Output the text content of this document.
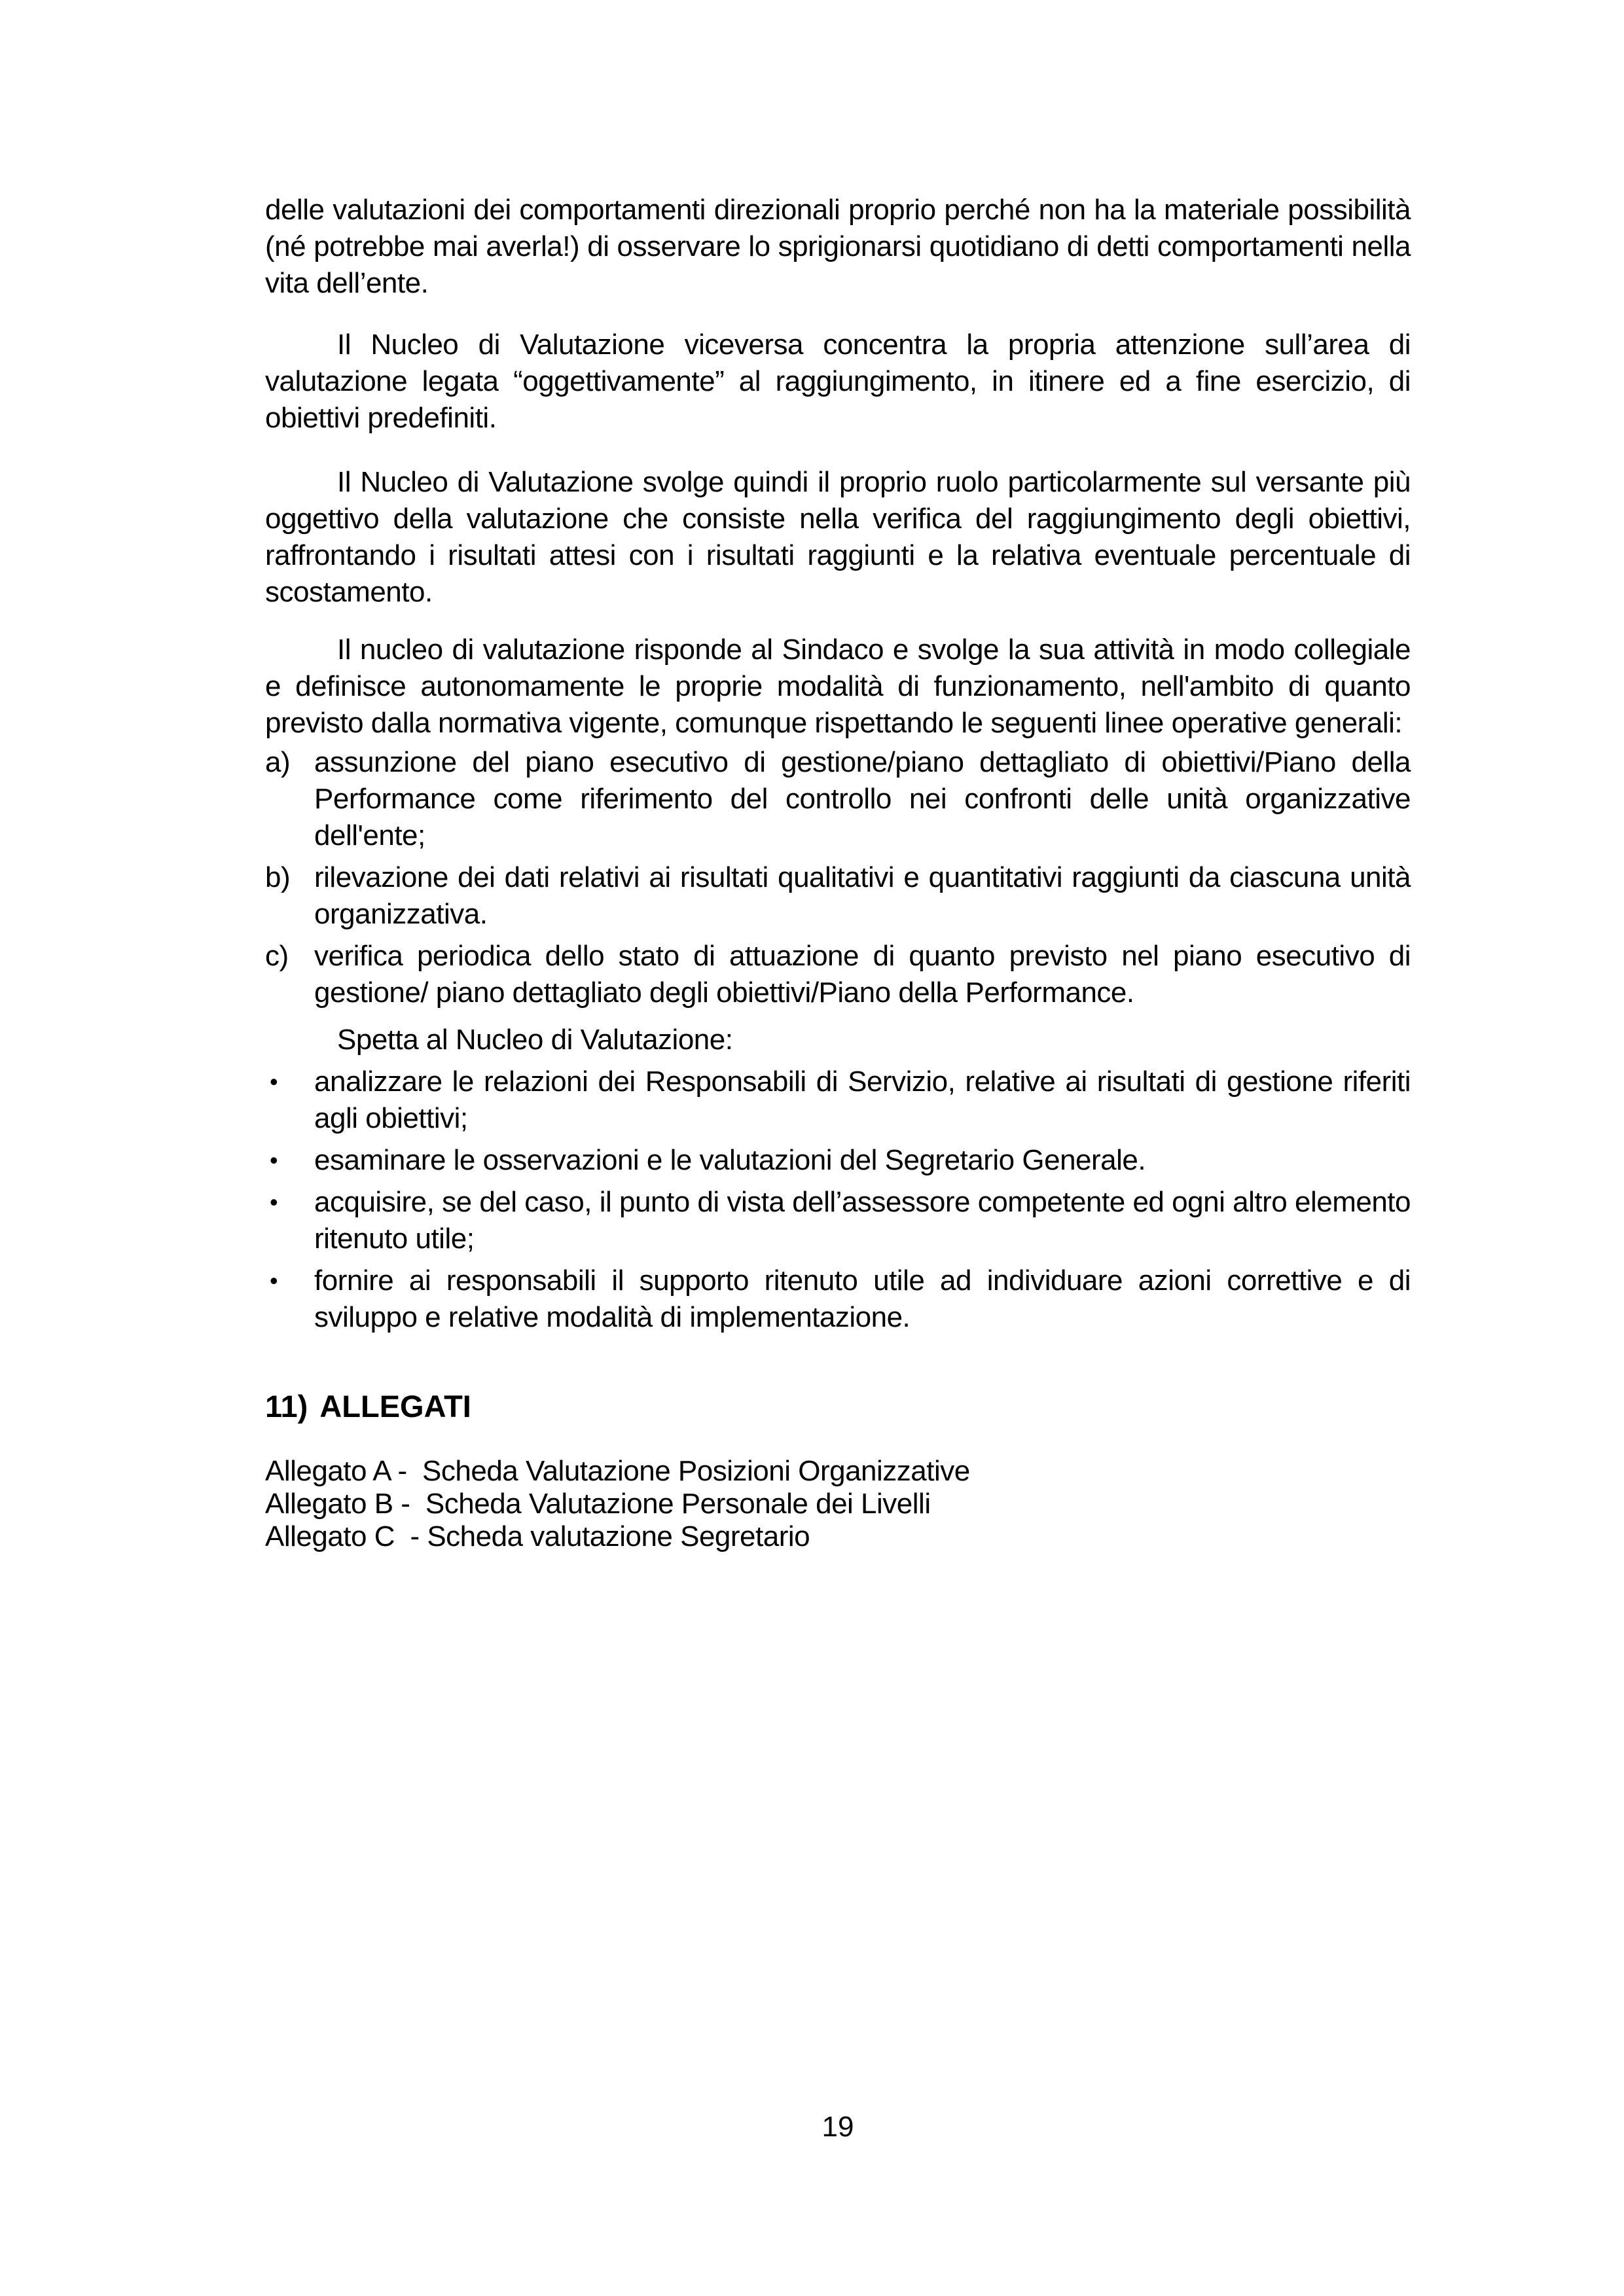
delle valutazioni dei comportamenti direzionali proprio perché non ha la materiale possibilità (né potrebbe mai averla!) di osservare lo sprigionarsi quotidiano di detti comportamenti nella vita dell’ente.

Il Nucleo di Valutazione viceversa concentra la propria attenzione sull’area di valutazione legata “oggettivamente” al raggiungimento, in itinere ed a fine esercizio, di obiettivi predefiniti.

Il Nucleo di Valutazione svolge quindi il proprio ruolo particolarmente sul versante più oggettivo della valutazione che consiste nella verifica del raggiungimento degli obiettivi, raffrontando i risultati attesi con i risultati raggiunti e la relativa eventuale percentuale di scostamento.

Il nucleo di valutazione risponde al Sindaco e svolge la sua attività in modo collegiale e definisce autonomamente le proprie modalità di funzionamento, nell'ambito di quanto previsto dalla normativa vigente, comunque rispettando le seguenti linee operative generali:

a) assunzione del piano esecutivo di gestione/piano dettagliato di obiettivi/Piano della Performance come riferimento del controllo nei confronti delle unità organizzative dell'ente;
b) rilevazione dei dati relativi ai risultati qualitativi e quantitativi raggiunti da ciascuna unità organizzativa.
c) verifica periodica dello stato di attuazione di quanto previsto nel piano esecutivo di gestione/ piano dettagliato degli obiettivi/Piano della Performance.

Spetta al Nucleo di Valutazione:

• analizzare le relazioni dei Responsabili di Servizio, relative ai risultati di gestione riferiti agli obiettivi;
• esaminare le osservazioni e le valutazioni del Segretario Generale.
• acquisire, se del caso, il punto di vista dell’assessore competente ed ogni altro elemento ritenuto utile;
• fornire ai responsabili il supporto ritenuto utile ad individuare azioni correttive e di sviluppo e relative modalità di implementazione.
11) ALLEGATI
Allegato A -  Scheda Valutazione Posizioni Organizzative
Allegato B -  Scheda Valutazione Personale dei Livelli
Allegato C  - Scheda valutazione Segretario
19
